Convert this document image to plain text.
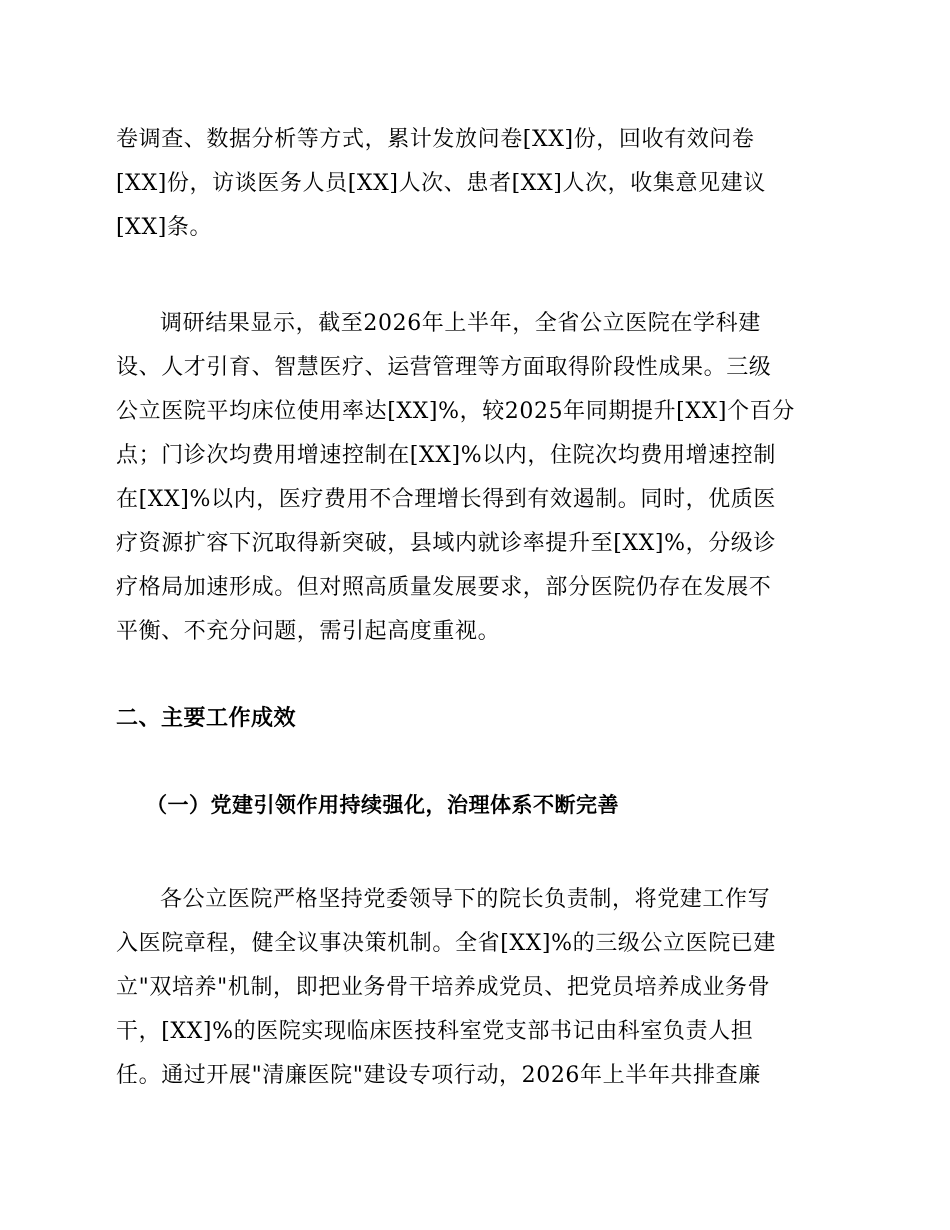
卷调查、数据分析等方式，累计发放问卷[XX]份，回收有效问卷
[XX]份，访谈医务人员[XX]人次、患者[XX]人次，收集意见建议
[XX]条。
调研结果显示，截至2026年上半年，全省公立医院在学科建
设、人才引育、智慧医疗、运营管理等方面取得阶段性成果。三级
公立医院平均床位使用率达[XX]%，较2025年同期提升[XX]个百分
点；门诊次均费用增速控制在[XX]%以内，住院次均费用增速控制
在[XX]%以内，医疗费用不合理增长得到有效遏制。同时，优质医
疗资源扩容下沉取得新突破，县域内就诊率提升至[XX]%，分级诊
疗格局加速形成。但对照高质量发展要求，部分医院仍存在发展不
平衡、不充分问题，需引起高度重视。
二、主要工作成效
（一）党建引领作用持续强化，治理体系不断完善
各公立医院严格坚持党委领导下的院长负责制，将党建工作写
入医院章程，健全议事决策机制。全省[XX]%的三级公立医院已建
立"双培养"机制，即把业务骨干培养成党员、把党员培养成业务骨
干，[XX]%的医院实现临床医技科室党支部书记由科室负责人担
任。通过开展"清廉医院"建设专项行动，2026年上半年共排查廉
